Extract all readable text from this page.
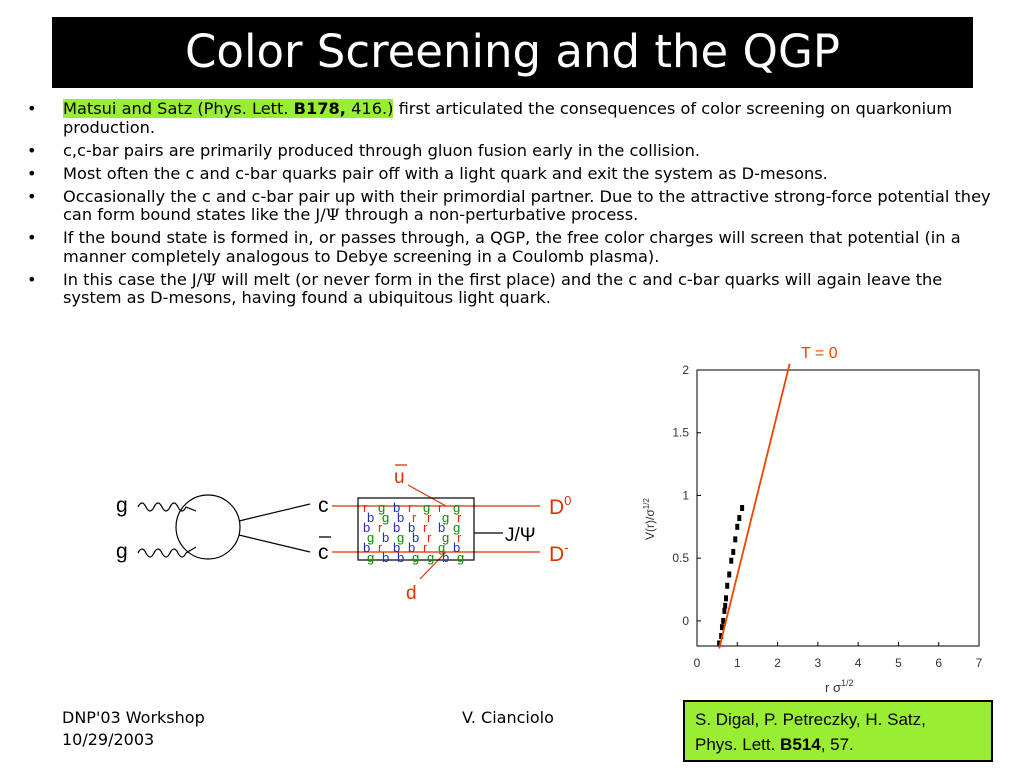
Color Screening and the QGP
• Matsui and Satz (Phys. Lett. B178, 416.) first articulated the consequences of color screening on quarkonium production.
• c,c-bar pairs are primarily produced through gluon fusion early in the collision.
• Most often the c and c-bar quarks pair off with a light quark and exit the system as D-mesons.
• Occasionally the c and c-bar pair up with their primordial partner. Due to the attractive strong-force potential they can form bound states like the J/Ψ through a non-perturbative process.
• If the bound state is formed in, or passes through, a QGP, the free color charges will screen that potential (in a manner completely analogous to Debye screening in a Coulomb plasma).
• In this case the J/Ψ will melt (or never form in the first place) and the c and c-bar quarks will again leave the system as D-mesons, having found a ubiquitous light quark.
g
g
c
c
r g b r g r g
b g b r r g r
b r b b r b g
g b g b r g r
b r b b r g b
g b b g g b g
J/Ψ
u
d
$D^0$
D-
0	1	2	3	4	5	6	7
0
0.5
1
1.5
2
T = 0
r $\sigma^{1/2}$
$V(r)/\sigma^{1/2}$
DNP'03 Workshop
10/29/2003
V. Cianciolo	S. Digal, P. Petreczky, H. Satz,
Phys. Lett. B514, 57.
